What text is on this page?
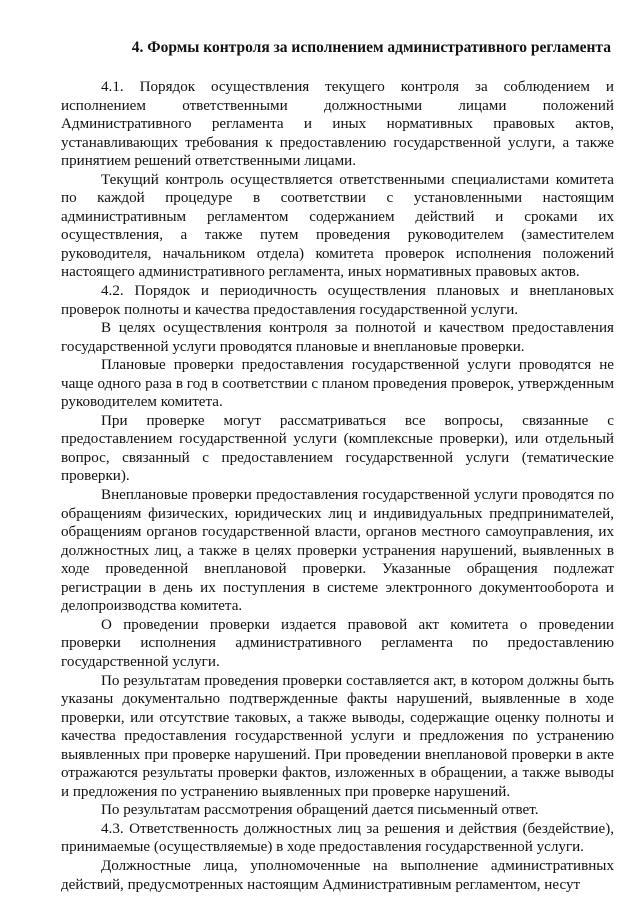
4. Формы контроля за исполнением административного регламента

4.1. Порядок осуществления текущего контроля за соблюдением и исполнением ответственными должностными лицами положений Административного регламента и иных нормативных правовых актов, устанавливающих требования к предоставлению государственной услуги, а также принятием решений ответственными лицами.

Текущий контроль осуществляется ответственными специалистами комитета по каждой процедуре в соответствии с установленными настоящим административным регламентом содержанием действий и сроками их осуществления, а также путем проведения руководителем (заместителем руководителя, начальником отдела) комитета проверок исполнения положений настоящего административного регламента, иных нормативных правовых актов.

4.2. Порядок и периодичность осуществления плановых и внеплановых проверок полноты и качества предоставления государственной услуги.

В целях осуществления контроля за полнотой и качеством предоставления государственной услуги проводятся плановые и внеплановые проверки.

Плановые проверки предоставления государственной услуги проводятся не чаще одного раза в год в соответствии с планом проведения проверок, утвержденным руководителем комитета.

При проверке могут рассматриваться все вопросы, связанные с предоставлением государственной услуги (комплексные проверки), или отдельный вопрос, связанный с предоставлением государственной услуги (тематические проверки).

Внеплановые проверки предоставления государственной услуги проводятся по обращениям физических, юридических лиц и индивидуальных предпринимателей, обращениям органов государственной власти, органов местного самоуправления, их должностных лиц, а также в целях проверки устранения нарушений, выявленных в ходе проведенной внеплановой проверки. Указанные обращения подлежат регистрации в день их поступления в системе электронного документооборота и делопроизводства комитета.

О проведении проверки издается правовой акт комитета о проведении проверки исполнения административного регламента по предоставлению государственной услуги.

По результатам проведения проверки составляется акт, в котором должны быть указаны документально подтвержденные факты нарушений, выявленные в ходе проверки, или отсутствие таковых, а также выводы, содержащие оценку полноты и качества предоставления государственной услуги и предложения по устранению выявленных при проверке нарушений. При проведении внеплановой проверки в акте отражаются результаты проверки фактов, изложенных в обращении, а также выводы и предложения по устранению выявленных при проверке нарушений.

По результатам рассмотрения обращений дается письменный ответ.

4.3. Ответственность должностных лиц за решения и действия (бездействие), принимаемые (осуществляемые) в ходе предоставления государственной услуги.

Должностные лица, уполномоченные на выполнение административных действий, предусмотренных настоящим Административным регламентом, несут
